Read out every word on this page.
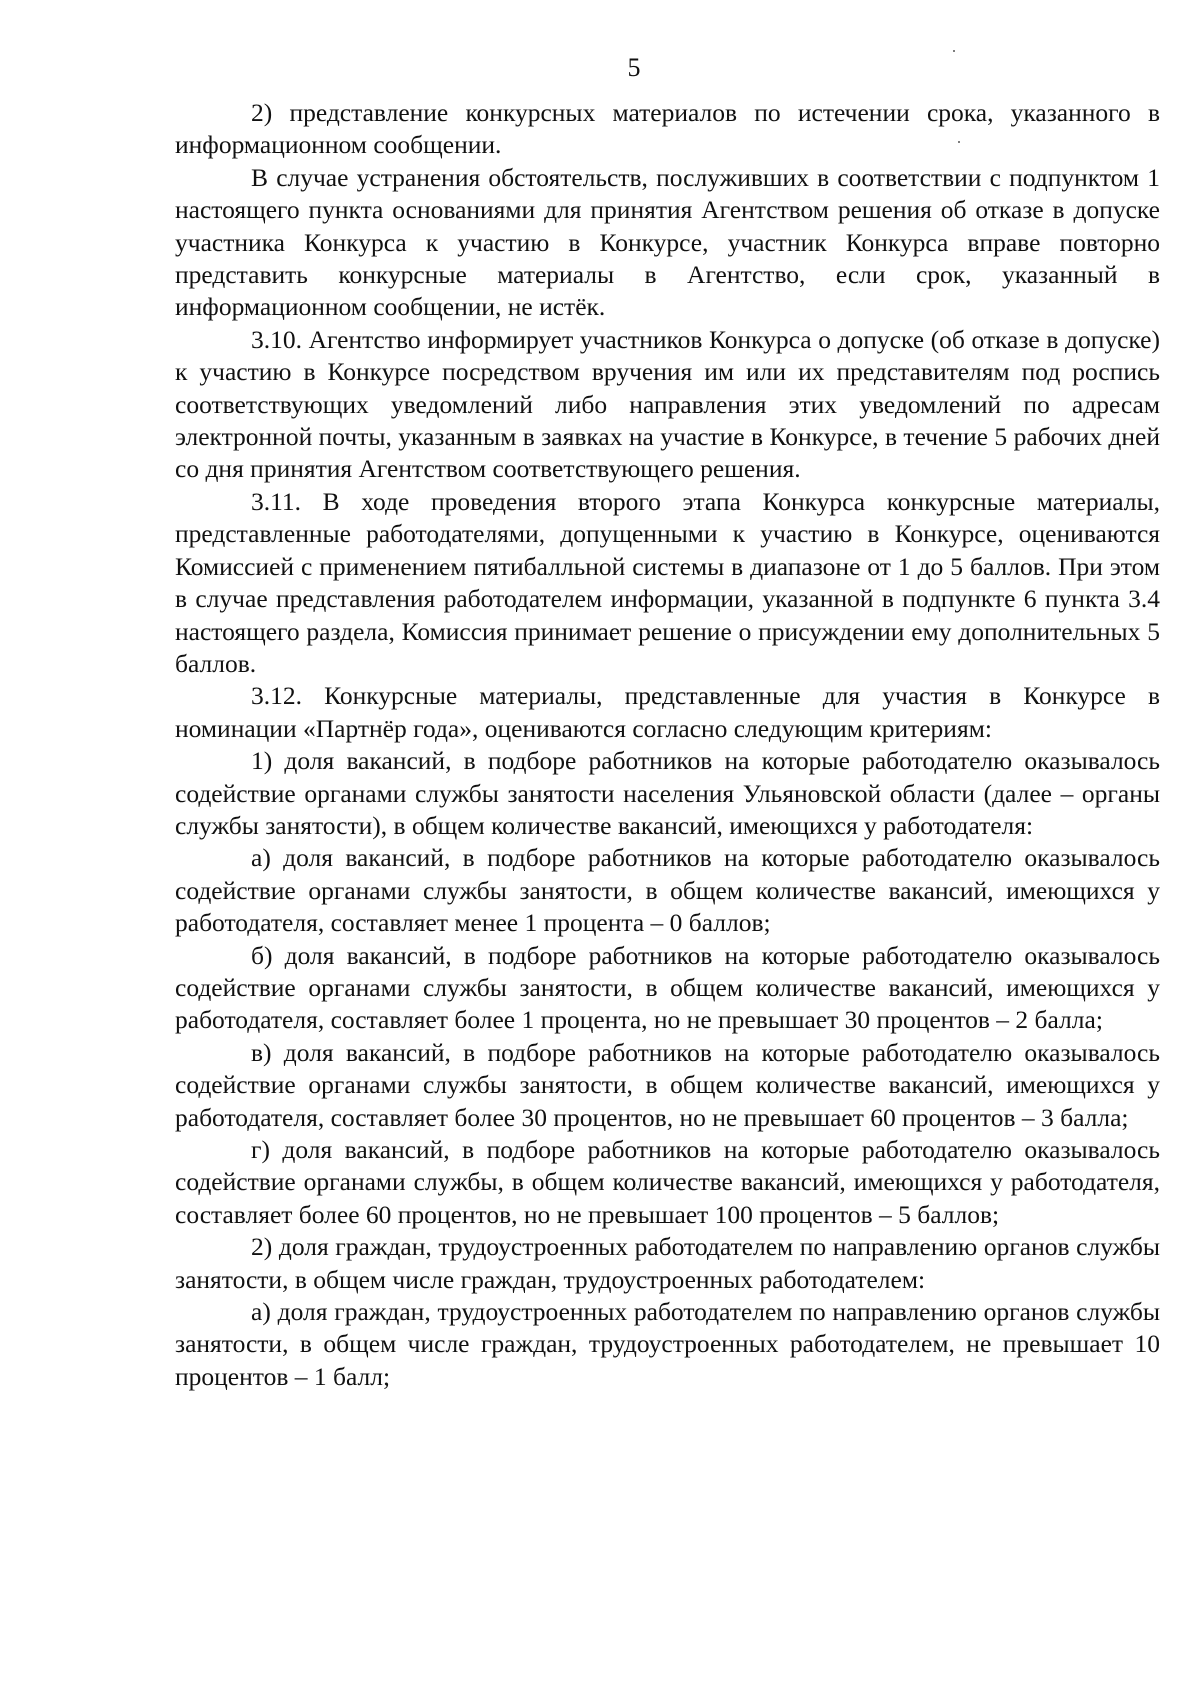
5

2) представление конкурсных материалов по истечении срока, указанного в информационном сообщении.

В случае устранения обстоятельств, послуживших в соответствии с подпунктом 1 настоящего пункта основаниями для принятия Агентством решения об отказе в допуске участника Конкурса к участию в Конкурсе, участник Конкурса вправе повторно представить конкурсные материалы в Агентство, если срок, указанный в информационном сообщении, не истёк.

3.10. Агентство информирует участников Конкурса о допуске (об отказе в допуске) к участию в Конкурсе посредством вручения им или их представителям под роспись соответствующих уведомлений либо направления этих уведомлений по адресам электронной почты, указанным в заявках на участие в Конкурсе, в течение 5 рабочих дней со дня принятия Агентством соответствующего решения.

3.11. В ходе проведения второго этапа Конкурса конкурсные материалы, представленные работодателями, допущенными к участию в Конкурсе, оцениваются Комиссией с применением пятибалльной системы в диапазоне от 1 до 5 баллов. При этом в случае представления работодателем информации, указанной в подпункте 6 пункта 3.4 настоящего раздела, Комиссия принимает решение о присуждении ему дополнительных 5 баллов.

3.12. Конкурсные материалы, представленные для участия в Конкурсе в номинации «Партнёр года», оцениваются согласно следующим критериям:

1) доля вакансий, в подборе работников на которые работодателю оказывалось содействие органами службы занятости населения Ульяновской области (далее – органы службы занятости), в общем количестве вакансий, имеющихся у работодателя:

а) доля вакансий, в подборе работников на которые работодателю оказывалось содействие органами службы занятости, в общем количестве вакансий, имеющихся у работодателя, составляет менее 1 процента – 0 баллов;

б) доля вакансий, в подборе работников на которые работодателю оказывалось содействие органами службы занятости, в общем количестве вакансий, имеющихся у работодателя, составляет более 1 процента, но не превышает 30 процентов – 2 балла;

в) доля вакансий, в подборе работников на которые работодателю оказывалось содействие органами службы занятости, в общем количестве вакансий, имеющихся у работодателя, составляет более 30 процентов, но не превышает 60 процентов – 3 балла;

г) доля вакансий, в подборе работников на которые работодателю оказывалось содействие органами службы, в общем количестве вакансий, имеющихся у работодателя, составляет более 60 процентов, но не превышает 100 процентов – 5 баллов;

2) доля граждан, трудоустроенных работодателем по направлению органов службы занятости, в общем числе граждан, трудоустроенных работодателем:

а) доля граждан, трудоустроенных работодателем по направлению органов службы занятости, в общем числе граждан, трудоустроенных работодателем, не превышает 10 процентов – 1 балл;
